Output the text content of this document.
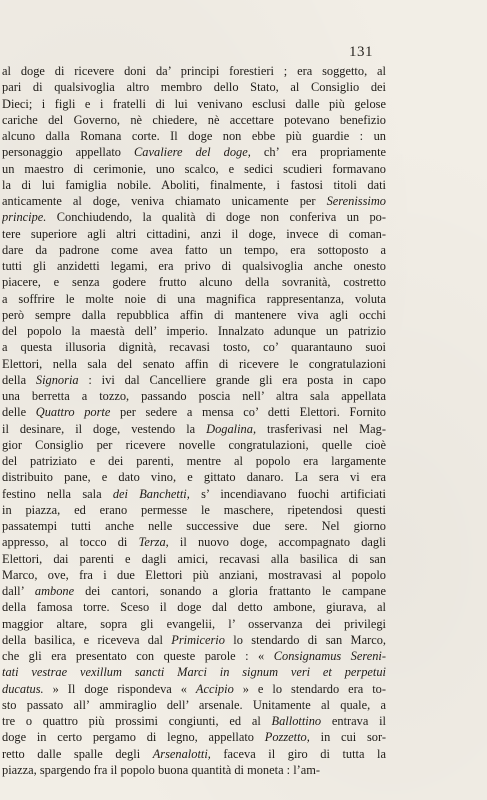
131
al doge di ricevere doni da’ principi forestieri ; era soggetto, al
pari di qualsivoglia altro membro dello Stato, al Consiglio dei
Dieci; i figli e i fratelli di lui venivano esclusi dalle più gelose
cariche del Governo, nè chiedere, nè accettare potevano benefizio
alcuno dalla Romana corte. Il doge non ebbe più guardie : un
personaggio appellato Cavaliere del doge, ch’ era propriamente
un maestro di cerimonie, uno scalco, e sedici scudieri formavano
la di lui famiglia nobile. Aboliti, finalmente, i fastosi titoli dati
anticamente al doge, veniva chiamato unicamente per Serenissimo
principe. Conchiudendo, la qualità di doge non conferiva un po-
tere superiore agli altri cittadini, anzi il doge, invece di coman-
dare da padrone come avea fatto un tempo, era sottoposto a
tutti gli anzidetti legami, era privo di qualsivoglia anche onesto
piacere, e senza godere frutto alcuno della sovranità, costretto
a soffrire le molte noie di una magnifica rappresentanza, voluta
però sempre dalla repubblica affin di mantenere viva agli occhi
del popolo la maestà dell’ imperio. Innalzato adunque un patrizio
a questa illusoria dignità, recavasi tosto, co’ quarantauno suoi
Elettori, nella sala del senato affin di ricevere le congratulazioni
della Signoria : ivi dal Cancelliere grande gli era posta in capo
una berretta a tozzo, passando poscia nell’ altra sala appellata
delle Quattro porte per sedere a mensa co’ detti Elettori. Fornito
il desinare, il doge, vestendo la Dogalina, trasferivasi nel Mag-
gior Consiglio per ricevere novelle congratulazioni, quelle cioè
del patriziato e dei parenti, mentre al popolo era largamente
distribuito pane, e dato vino, e gittato danaro. La sera vi era
festino nella sala dei Banchetti, s’ incendiavano fuochi artificiati
in piazza, ed erano permesse le maschere, ripetendosi questi
passatempi tutti anche nelle successive due sere. Nel giorno
appresso, al tocco di Terza, il nuovo doge, accompagnato dagli
Elettori, dai parenti e dagli amici, recavasi alla basilica di san
Marco, ove, fra i due Elettori più anziani, mostravasi al popolo
dall’ ambone dei cantori, sonando a gloria frattanto le campane
della famosa torre. Sceso il doge dal detto ambone, giurava, al
maggior altare, sopra gli evangelii, l’ osservanza dei privilegi
della basilica, e riceveva dal Primicerio lo stendardo di san Marco,
che gli era presentato con queste parole : « Consignamus Sereni-
tati vestrae vexillum sancti Marci in signum veri et perpetui
ducatus. » Il doge rispondeva « Accipio » e lo stendardo era to-
sto passato all’ ammiraglio dell’ arsenale. Unitamente al quale, a
tre o quattro più prossimi congiunti, ed al Ballottino entrava il
doge in certo pergamo di legno, appellato Pozzetto, in cui sor-
retto dalle spalle degli Arsenalotti, faceva il giro di tutta la
piazza, spargendo fra il popolo buona quantità di moneta : l’am-
